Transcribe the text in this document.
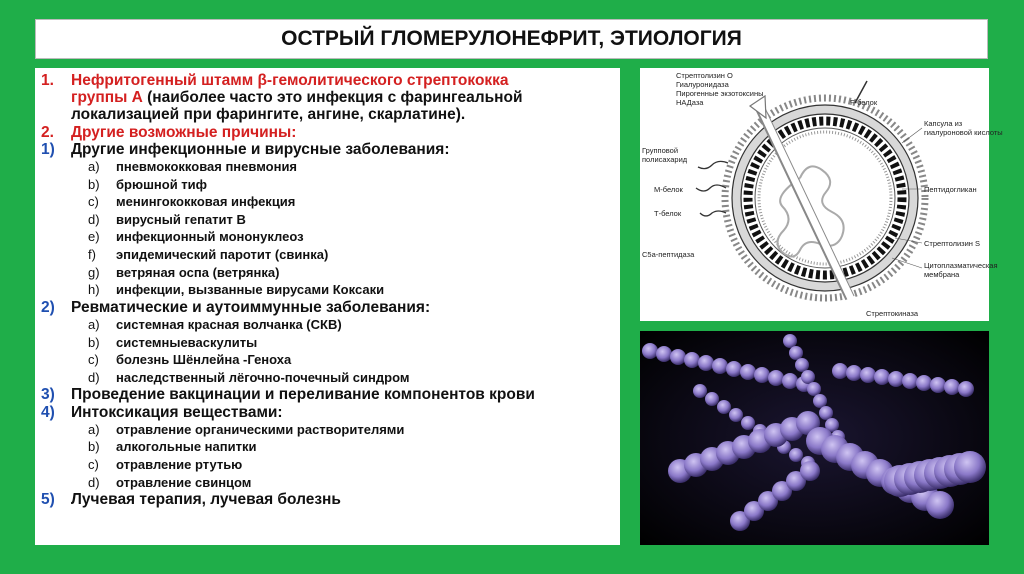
ОСТРЫЙ ГЛОМЕРУЛОНЕФРИТ, ЭТИОЛОГИЯ
1.	Нефритогенный штамм β-гемолитического стрептококка
группы А (наиболее часто это инфекция с фарингеальной
локализацией при фарингите, ангине, скарлатине).
2.	Другие возможные причины:
1)	Другие инфекционные и вирусные заболевания:
a)	пневмококковая пневмония
b)	брюшной тиф
c)	менингококковая инфекция
d)	вирусный гепатит В
e)	инфекционный мононуклеоз
f)	эпидемический паротит (свинка)
g)	ветряная оспа (ветрянка)
h)	инфекции, вызванные вирусами Коксаки
2)	Ревматические и аутоиммунные заболевания:
a)	системная красная волчанка (СКВ)
b)	системныеваскулиты
c)	болезнь Шёнлейна -Геноха
d)	наследственный лёгочно-почечный синдром
3)	Проведение вакцинации и переливание компонентов крови
4)	Интоксикация веществами:
a)	отравление органическими растворителями
b)	алкогольные напитки
c)	отравление ртутью
d)	отравление свинцом
5)	Лучевая терапия, лучевая болезнь
Стрептолизин О
Гиалуронидаза
Пирогенные экзотоксины
НАДаза	F-белок
Капсула из
гиалуроновой кислоты
Групповой
полисахарид
Пептидогликан
М-белок
Т-белок
Стрептолизин S
C5a-пептидаза
Цитоплазматическая
мембрана
Стрептокиназа
